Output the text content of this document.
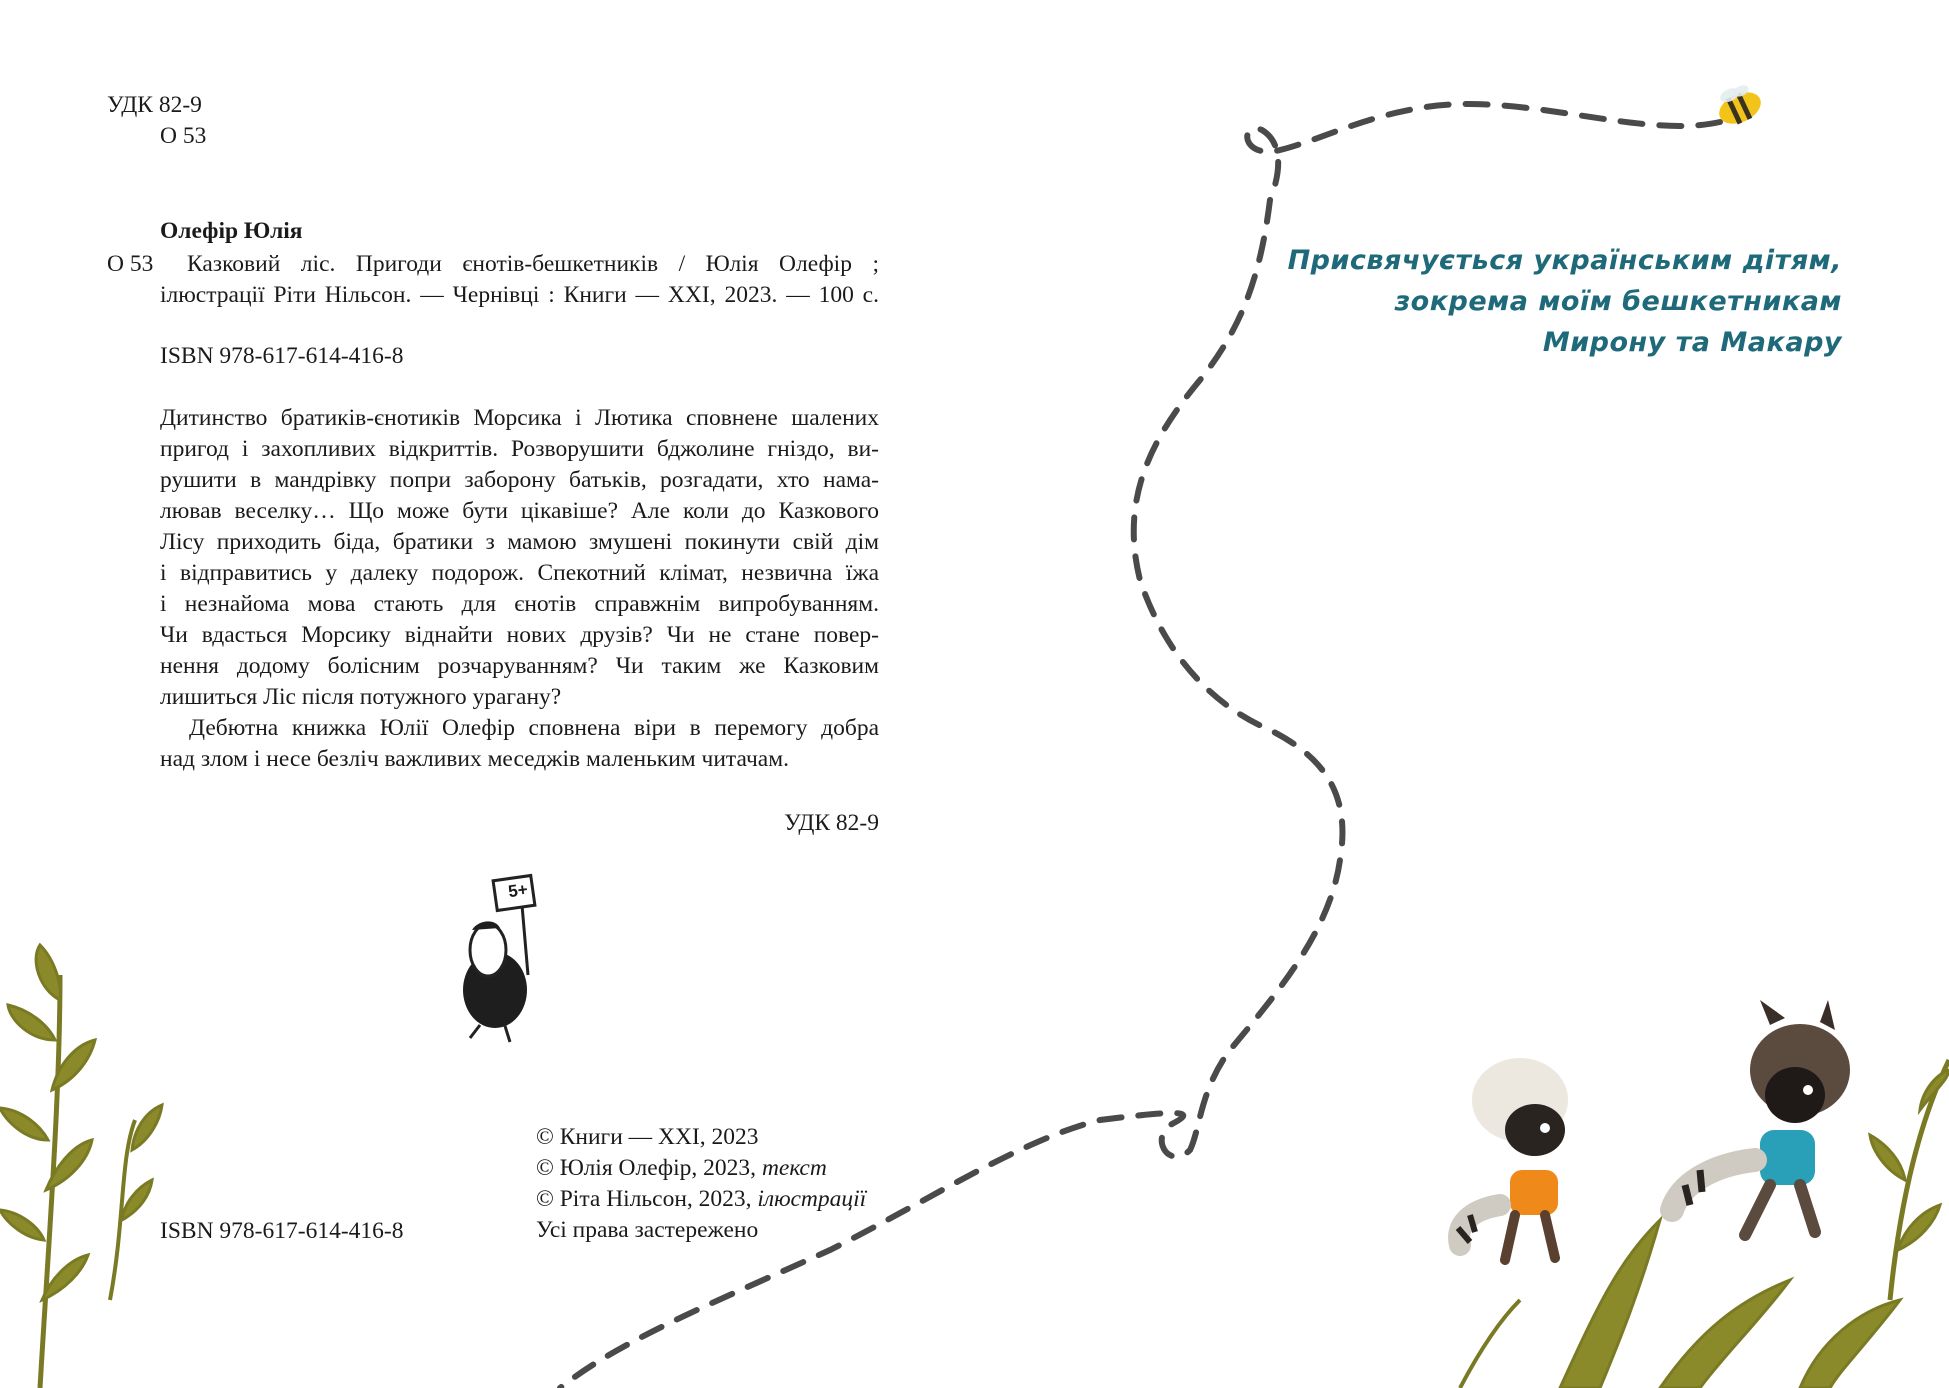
5+
УДК 82-9
О 53
Олефір Юлія
О 53 Казковий ліс. Пригоди єнотів-бешкетників / Юлія Олефір ;
ілюстрації Ріти Нільсон. — Чернівці : Книги — XXI, 2023. — 100 с.
ISBN 978-617-614-416-8
Дитинство братиків-єнотиків Морсика і Лютика сповнене шалених
пригод і захопливих відкриттів. Розворушити бджолине гніздо, ви-
рушити в мандрівку попри заборону батьків, розгадати, хто нама-
лював веселку… Що може бути цікавіше? Але коли до Казкового
Лісу приходить біда, братики з мамою змушені покинути свій дім
і відправитись у далеку подорож. Спекотний клімат, незвична їжа
і незнайома мова стають для єнотів справжнім випробуванням.
Чи вдасться Морсику віднайти нових друзів? Чи не стане повер-
нення додому болісним розчаруванням? Чи таким же Казковим
лишиться Ліс після потужного урагану?
Дебютна книжка Юлії Олефір сповнена віри в перемогу добра
над злом і несе безліч важливих меседжів маленьким читачам.
УДК 82-9
ISBN 978-617-614-416-8
© Книги — XXI, 2023
© Юлія Олефір, 2023, текст
© Ріта Нільсон, 2023, ілюстрації
Усі права застережено
Присвячується українським дітям,
зокрема моїм бешкетникам
Мирону та Макару
